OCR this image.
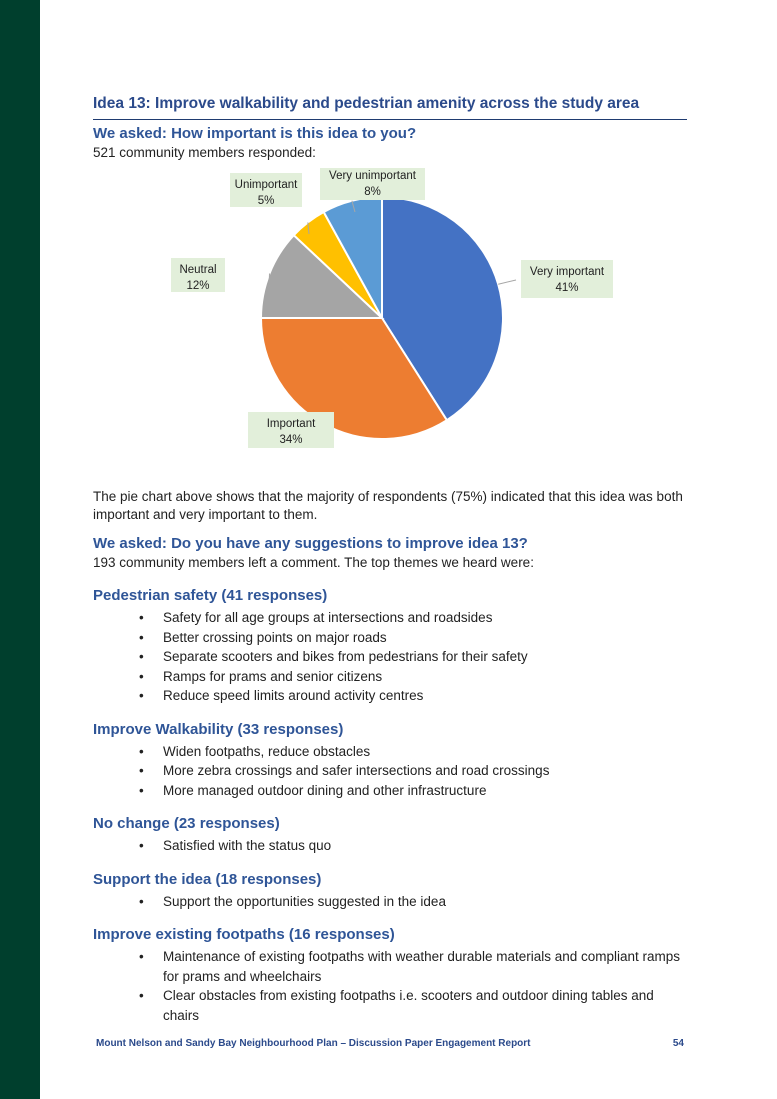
Idea 13: Improve walkability and pedestrian amenity across the study area
We asked: How important is this idea to you?

521 community members responded:

Very important
41%
Important
34%
Neutral
12%
Unimportant
5%
Very unimportant
8%

The pie chart above shows that the majority of respondents (75%) indicated that this idea was both important and very important to them.

We asked: Do you have any suggestions to improve idea 13?

193 community members left a comment. The top themes we heard were:

Pedestrian safety (41 responses)
• Safety for all age groups at intersections and roadsides
• Better crossing points on major roads
• Separate scooters and bikes from pedestrians for their safety
• Ramps for prams and senior citizens
• Reduce speed limits around activity centres
Improve Walkability (33 responses)
• Widen footpaths, reduce obstacles
• More zebra crossings and safer intersections and road crossings
• More managed outdoor dining and other infrastructure
No change (23 responses)
• Satisfied with the status quo
Support the idea (18 responses)
• Support the opportunities suggested in the idea
Improve existing footpaths (16 responses)
• Maintenance of existing footpaths with weather durable materials and compliant ramps for prams and wheelchairs
• Clear obstacles from existing footpaths i.e. scooters and outdoor dining tables and chairs
Mount Nelson and Sandy Bay Neighbourhood Plan – Discussion Paper Engagement Report	54
